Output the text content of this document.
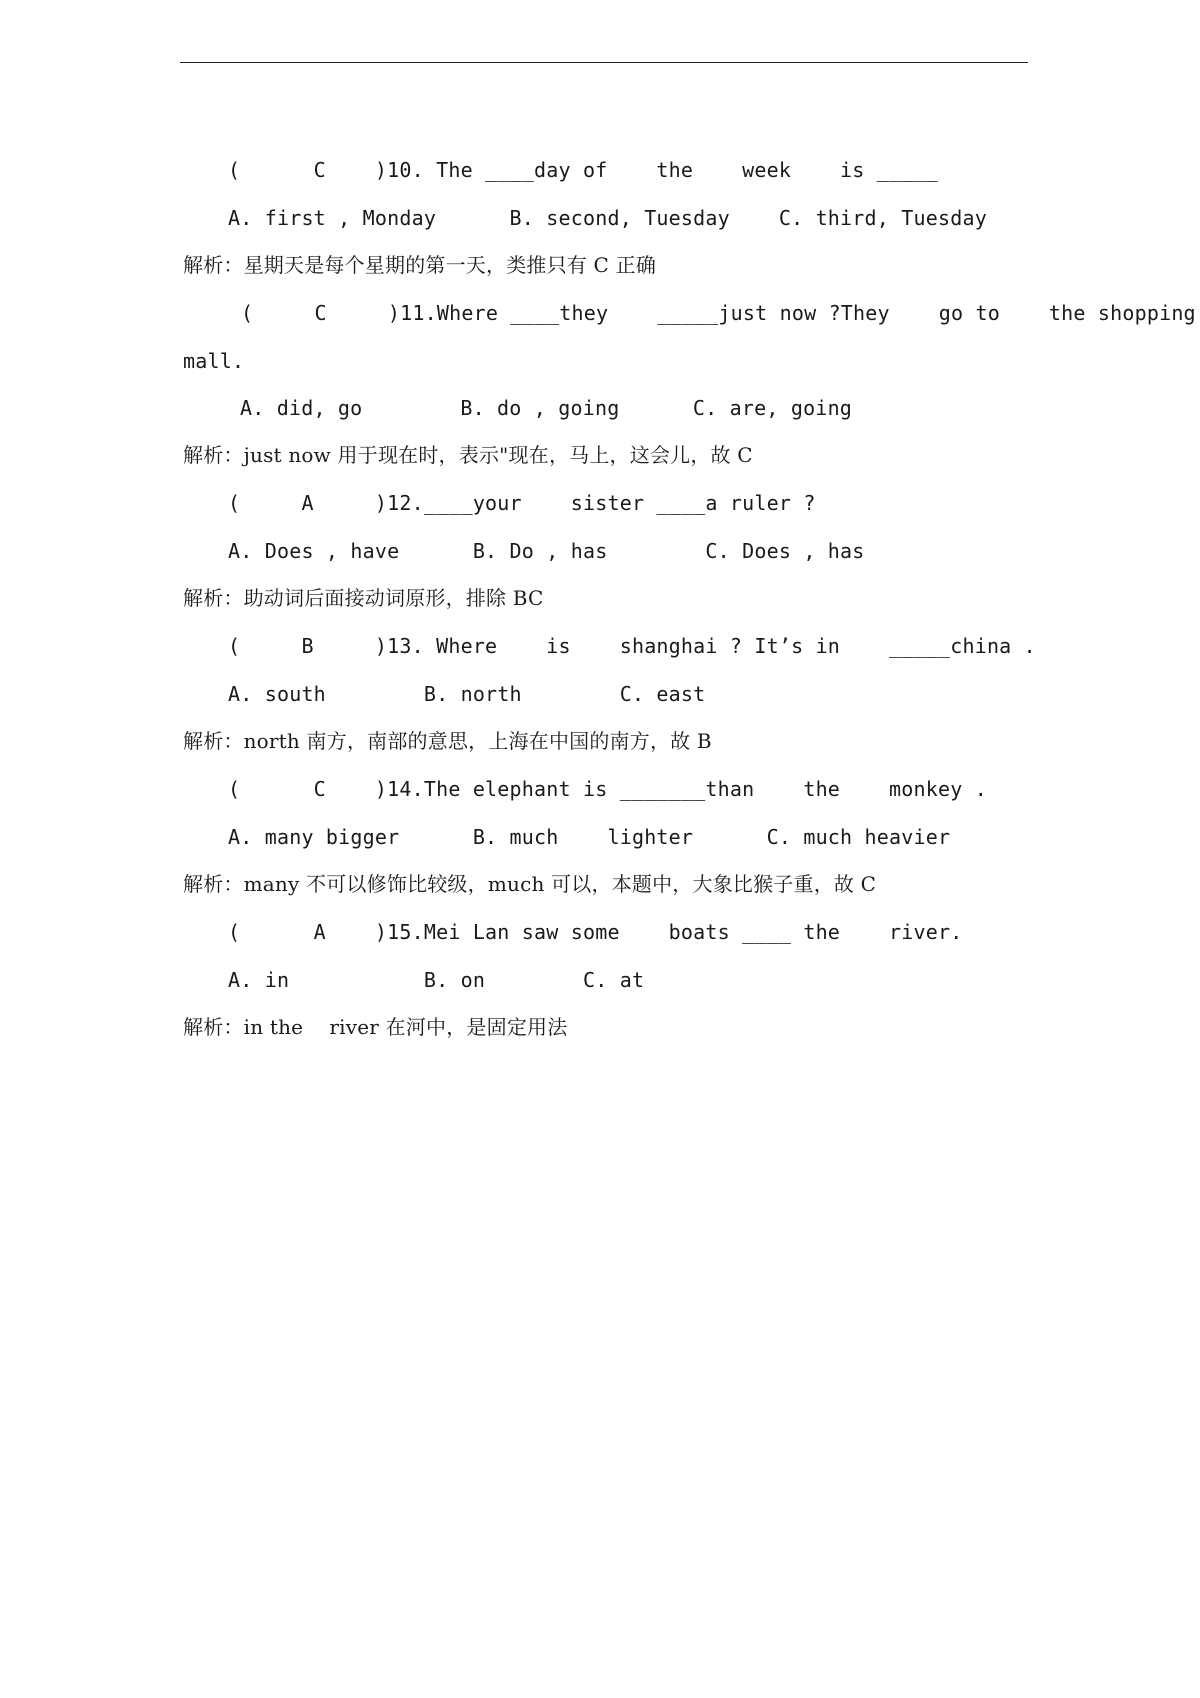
(      C    )10. The ____day of    the    week    is _____
A. first , Monday      B. second, Tuesday    C. third, Tuesday
解析：星期天是每个星期的第一天，类推只有 C 正确
(     C     )11.Where ____they    _____just now ?They    go to    the shopping
mall.
A. did, go        B. do , going      C. are, going
解析：just now 用于现在时，表示"现在，马上，这会儿，故 C
(     A     )12.____your    sister ____a ruler ?
A. Does , have      B. Do , has        C. Does , has
解析：助动词后面接动词原形，排除 BC
(     B     )13. Where    is    shanghai ? It’s in    _____china .
A. south        B. north        C. east
解析：north 南方，南部的意思，上海在中国的南方，故 B
(      C    )14.The elephant is _______than    the    monkey .
A. many bigger      B. much    lighter      C. much heavier
解析：many 不可以修饰比较级，much 可以，本题中，大象比猴子重，故 C
(      A    )15.Mei Lan saw some    boats ____ the    river.
A. in           B. on        C. at
解析：in the    river 在河中，是固定用法
